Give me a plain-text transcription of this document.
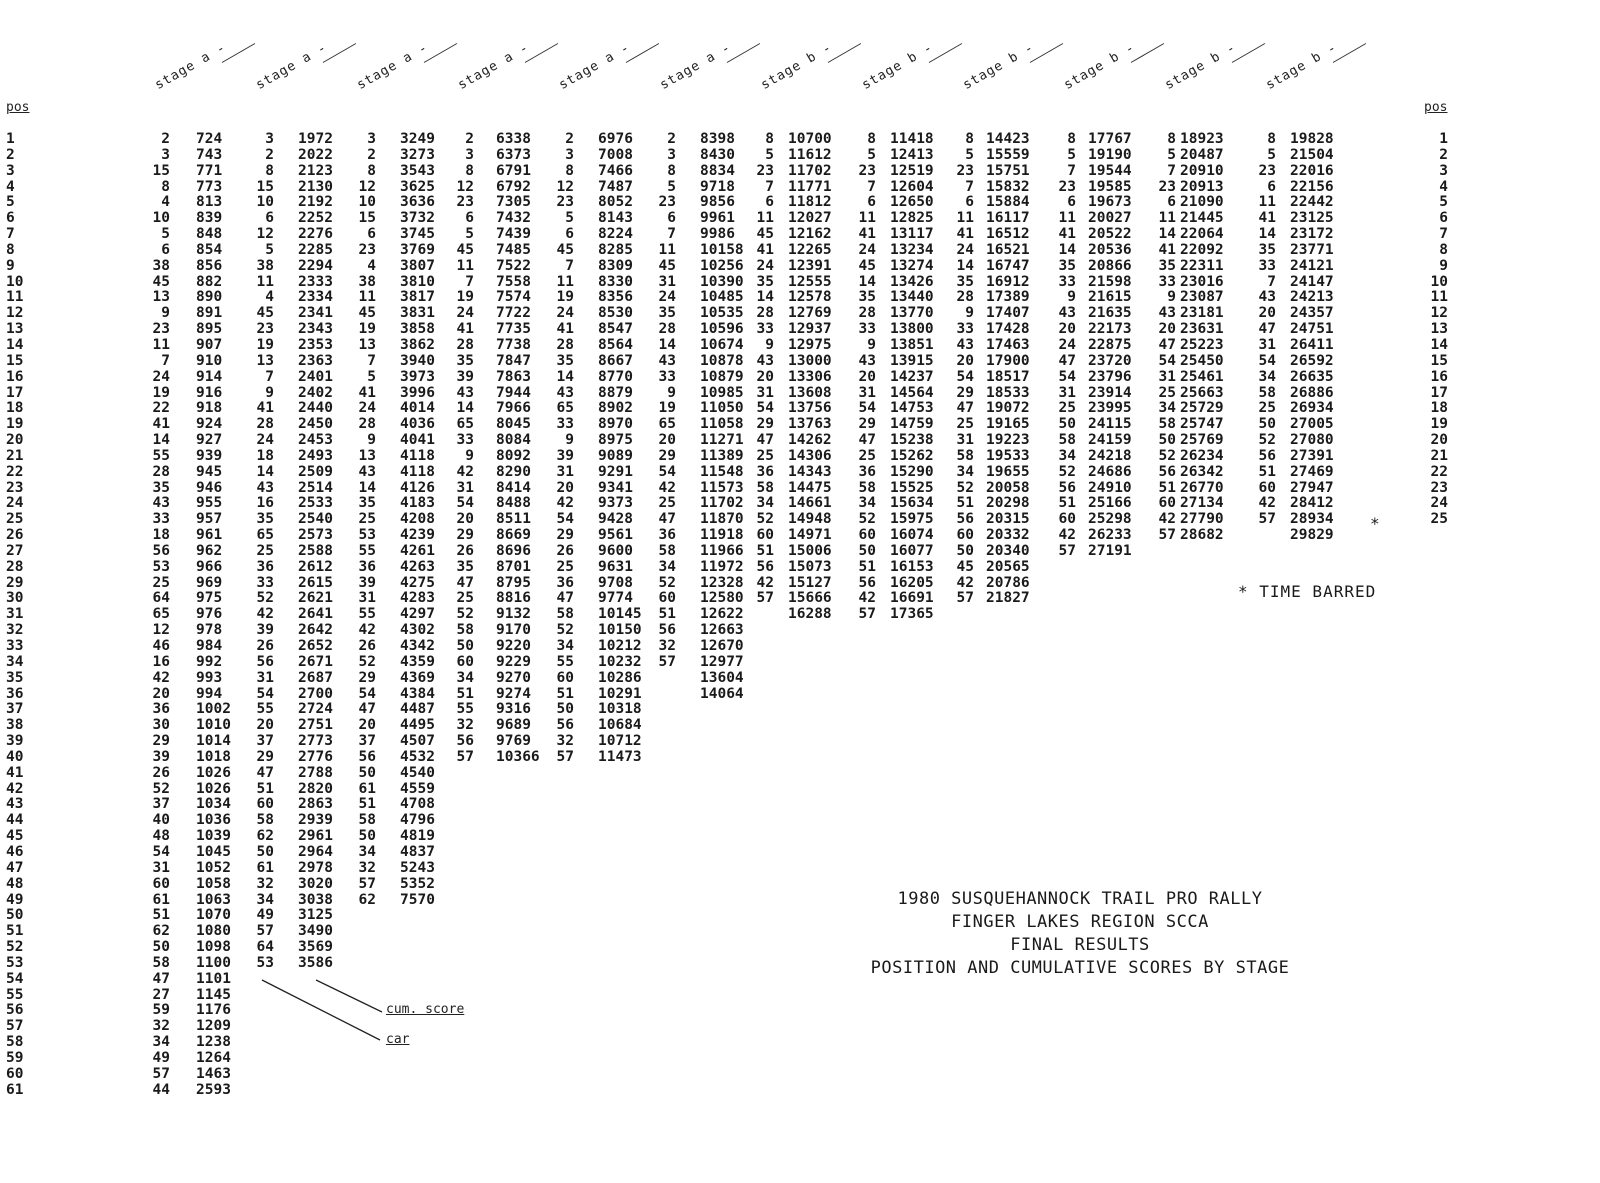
stage a - stage a - stage a - stage a - stage a - stage a - stage b - stage b - stage b - stage b - stage b - stage b -
pos	pos
1
2
3
4
5
6
7
8
9
10
11
12
13
14
15
16
17
18
19
20
21
22
23
24
25
26
27
28
29
30
31
32
33
34
35
36
37
38
39
40
41
42
43
44
45
46
47
48
49
50
51
52
53
54
55
56
57
58
59
60
61
1
2
3
4
5
6
7
8
9
10
11
12
13
14
15
16
17
18
19
20
21
22
23
24
25
2
3
15
8
4
10
5
6
38
45
13
9
23
11
7
24
19
22
41
14
55
28
35
43
33
18
56
53
25
64
65
12
46
16
42
20
36
30
29
39
26
52
37
40
48
54
31
60
61
51
62
50
58
47
27
59
32
34
49
57
44
724
743
771
773
813
839
848
854
856
882
890
891
895
907
910
914
916
918
924
927
939
945
946
955
957
961
962
966
969
975
976
978
984
992
993
994
1002
1010
1014
1018
1026
1026
1034
1036
1039
1045
1052
1058
1063
1070
1080
1098
1100
1101
1145
1176
1209
1238
1264
1463
2593
3
2
8
15
10
6
12
5
38
11
4
45
23
19
13
7
9
41
28
24
18
14
43
16
35
65
25
36
33
52
42
39
26
56
31
54
55
20
37
29
47
51
60
58
62
50
61
32
34
49
57
64
53
1972
2022
2123
2130
2192
2252
2276
2285
2294
2333
2334
2341
2343
2353
2363
2401
2402
2440
2450
2453
2493
2509
2514
2533
2540
2573
2588
2612
2615
2621
2641
2642
2652
2671
2687
2700
2724
2751
2773
2776
2788
2820
2863
2939
2961
2964
2978
3020
3038
3125
3490
3569
3586
3
2
8
12
10
15
6
23
4
38
11
45
19
13
7
5
41
24
28
9
13
43
14
35
25
53
55
36
39
31
55
42
26
52
29
54
47
20
37
56
50
61
51
58
50
34
32
57
62
3249
3273
3543
3625
3636
3732
3745
3769
3807
3810
3817
3831
3858
3862
3940
3973
3996
4014
4036
4041
4118
4118
4126
4183
4208
4239
4261
4263
4275
4283
4297
4302
4342
4359
4369
4384
4487
4495
4507
4532
4540
4559
4708
4796
4819
4837
5243
5352
7570
2
3
8
12
23
6
5
45
11
7
19
24
41
28
35
39
43
14
65
33
9
42
31
54
20
29
26
35
47
25
52
58
50
60
34
51
55
32
56
57
6338
6373
6791
6792
7305
7432
7439
7485
7522
7558
7574
7722
7735
7738
7847
7863
7944
7966
8045
8084
8092
8290
8414
8488
8511
8669
8696
8701
8795
8816
9132
9170
9220
9229
9270
9274
9316
9689
9769
10366
2
3
8
12
23
5
6
45
7
11
19
24
41
28
35
14
43
65
33
9
39
31
20
42
54
29
26
25
36
47
58
52
34
55
60
51
50
56
32
57
6976
7008
7466
7487
8052
8143
8224
8285
8309
8330
8356
8530
8547
8564
8667
8770
8879
8902
8970
8975
9089
9291
9341
9373
9428
9561
9600
9631
9708
9774
10145
10150
10212
10232
10286
10291
10318
10684
10712
11473
2
3
8
5
23
6
7
11
45
31
24
35
28
14
43
33
9
19
65
20
29
54
42
25
47
36
58
34
52
60
51
56
32
57
8398
8430
8834
9718
9856
9961
9986
10158
10256
10390
10485
10535
10596
10674
10878
10879
10985
11050
11058
11271
11389
11548
11573
11702
11870
11918
11966
11972
12328
12580
12622
12663
12670
12977
13604
14064
8
5
23
7
6
11
45
41
24
35
14
28
33
9
43
20
31
54
29
47
25
36
58
34
52
60
51
56
42
57
10700
11612
11702
11771
11812
12027
12162
12265
12391
12555
12578
12769
12937
12975
13000
13306
13608
13756
13763
14262
14306
14343
14475
14661
14948
14971
15006
15073
15127
15666
16288
8
5
23
7
6
11
41
24
45
14
35
28
33
9
43
20
31
54
29
47
25
36
58
34
52
60
50
51
56
42
57
11418
12413
12519
12604
12650
12825
13117
13234
13274
13426
13440
13770
13800
13851
13915
14237
14564
14753
14759
15238
15262
15290
15525
15634
15975
16074
16077
16153
16205
16691
17365
8
5
23
7
6
11
41
24
14
35
28
9
33
43
20
54
29
47
25
31
58
34
52
51
56
60
50
45
42
57
14423
15559
15751
15832
15884
16117
16512
16521
16747
16912
17389
17407
17428
17463
17900
18517
18533
19072
19165
19223
19533
19655
20058
20298
20315
20332
20340
20565
20786
21827
8
5
7
23
6
11
41
14
35
33
9
43
20
24
47
54
31
25
50
58
34
52
56
51
60
42
57
17767
19190
19544
19585
19673
20027
20522
20536
20866
21598
21615
21635
22173
22875
23720
23796
23914
23995
24115
24159
24218
24686
24910
25166
25298
26233
27191
8
5
7
23
6
11
14
41
35
33
9
43
20
47
54
31
25
34
58
50
52
56
51
60
42
57
18923
20487
20910
20913
21090
21445
22064
22092
22311
23016
23087
23181
23631
25223
25450
25461
25663
25729
25747
25769
26234
26342
26770
27134
27790
28682
8
5
23
6
11
41
14
35
33
7
43
20
47
31
54
34
58
25
50
52
56
51
60
42
57
19828
21504
22016
22156
22442
23125
23172
23771
24121
24147
24213
24357
24751
26411
26592
26635
26886
26934
27005
27080
27391
27469
27947
28412
28934
29829
*
* TIME BARRED
1980 SUSQUEHANNOCK TRAIL PRO RALLY
FINGER LAKES REGION SCCA
FINAL RESULTS
POSITION AND CUMULATIVE SCORES BY STAGE
cum. score
car
